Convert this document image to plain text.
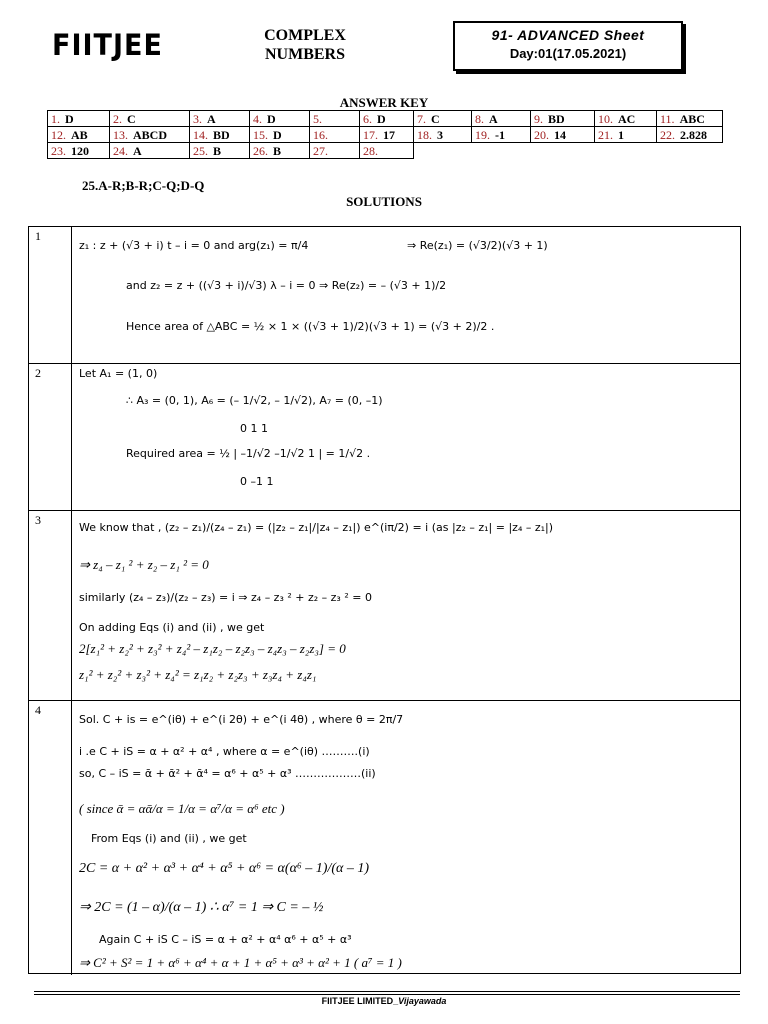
FIITJEE	COMPLEX
NUMBERS
91- ADVANCED Sheet
Day:01(17.05.2021)
ANSWER KEY
1. D	2. C	3. A	4. D	5.	6. D	7. C	8. A	9. BD	10. AC	11. ABC
12. AB	13. ABCD	14. BD	15. D	16.	17. 17	18. 3	19. -1	20. 14	21. 1	22. 2.828
23. 120	24. A	25. B	26. B	27.	28.					
25.A-R;B-R;C-Q;D-Q
SOLUTIONS
1
z₁ : z + (√3 + i) t – i = 0 and arg(z₁) = π/4	⇒ Re(z₁) = (√3/2)(√3 + 1)
and z₂ = z + ((√3 + i)/√3) λ – i = 0 ⇒ Re(z₂) = – (√3 + 1)/2
Hence area of △ABC = ½ × 1 × ((√3 + 1)/2)(√3 + 1) = (√3 + 2)/2 .
2	Let A₁ = (1, 0)
∴ A₃ = (0, 1), A₆ = (– 1/√2, – 1/√2), A₇ = (0, –1)
0 1 1
Required area = ½ | –1/√2 –1/√2 1 | = 1/√2 .
0 –1 1
3
We know that , (z₂ – z₁)/(z₄ – z₁) = (|z₂ – z₁|/|z₄ – z₁|) e^(iπ/2) = i (as |z₂ – z₁| = |z₄ – z₁|)
⇒ z₄ – z₁ ² + z₂ – z₁ ² = 0
similarly (z₄ – z₃)/(z₂ – z₃) = i ⇒ z₄ – z₃ ² + z₂ – z₃ ² = 0
On adding Eqs (i) and (ii) , we get
2[z₁² + z₂² + z₃² + z₄² – z₁z₂ – z₂z₃ – z₄z₃ – z₂z₃] = 0
z₁² + z₂² + z₃² + z₄² = z₁z₂ + z₂z₃ + z₃z₄ + z₄z₁
4
Sol. C + is = e^(iθ) + e^(i 2θ) + e^(i 4θ) , where θ = 2π/7
i .e C + iS = α + α² + α⁴ , where α = e^(iθ) ……….(i)
so, C – iS = ᾱ + ᾱ² + ᾱ⁴ = α⁶ + α⁵ + α³ ………………(ii)
( since ᾱ = αᾱ/α = 1/α = α⁷/α = α⁶ etc )
From Eqs (i) and (ii) , we get
2C = α + α² + α³ + α⁴ + α⁵ + α⁶ = α(α⁶ – 1)/(α – 1)
⇒ 2C = (1 – α)/(α – 1) ∴ α⁷ = 1 ⇒ C = – ½
Again C + iS C – iS = α + α² + α⁴ α⁶ + α⁵ + α³
⇒ C² + S² = 1 + α⁶ + α⁴ + α + 1 + α⁵ + α³ + α² + 1 ( a⁷ = 1 )
FIITJEE LIMITED_Vijayawada
